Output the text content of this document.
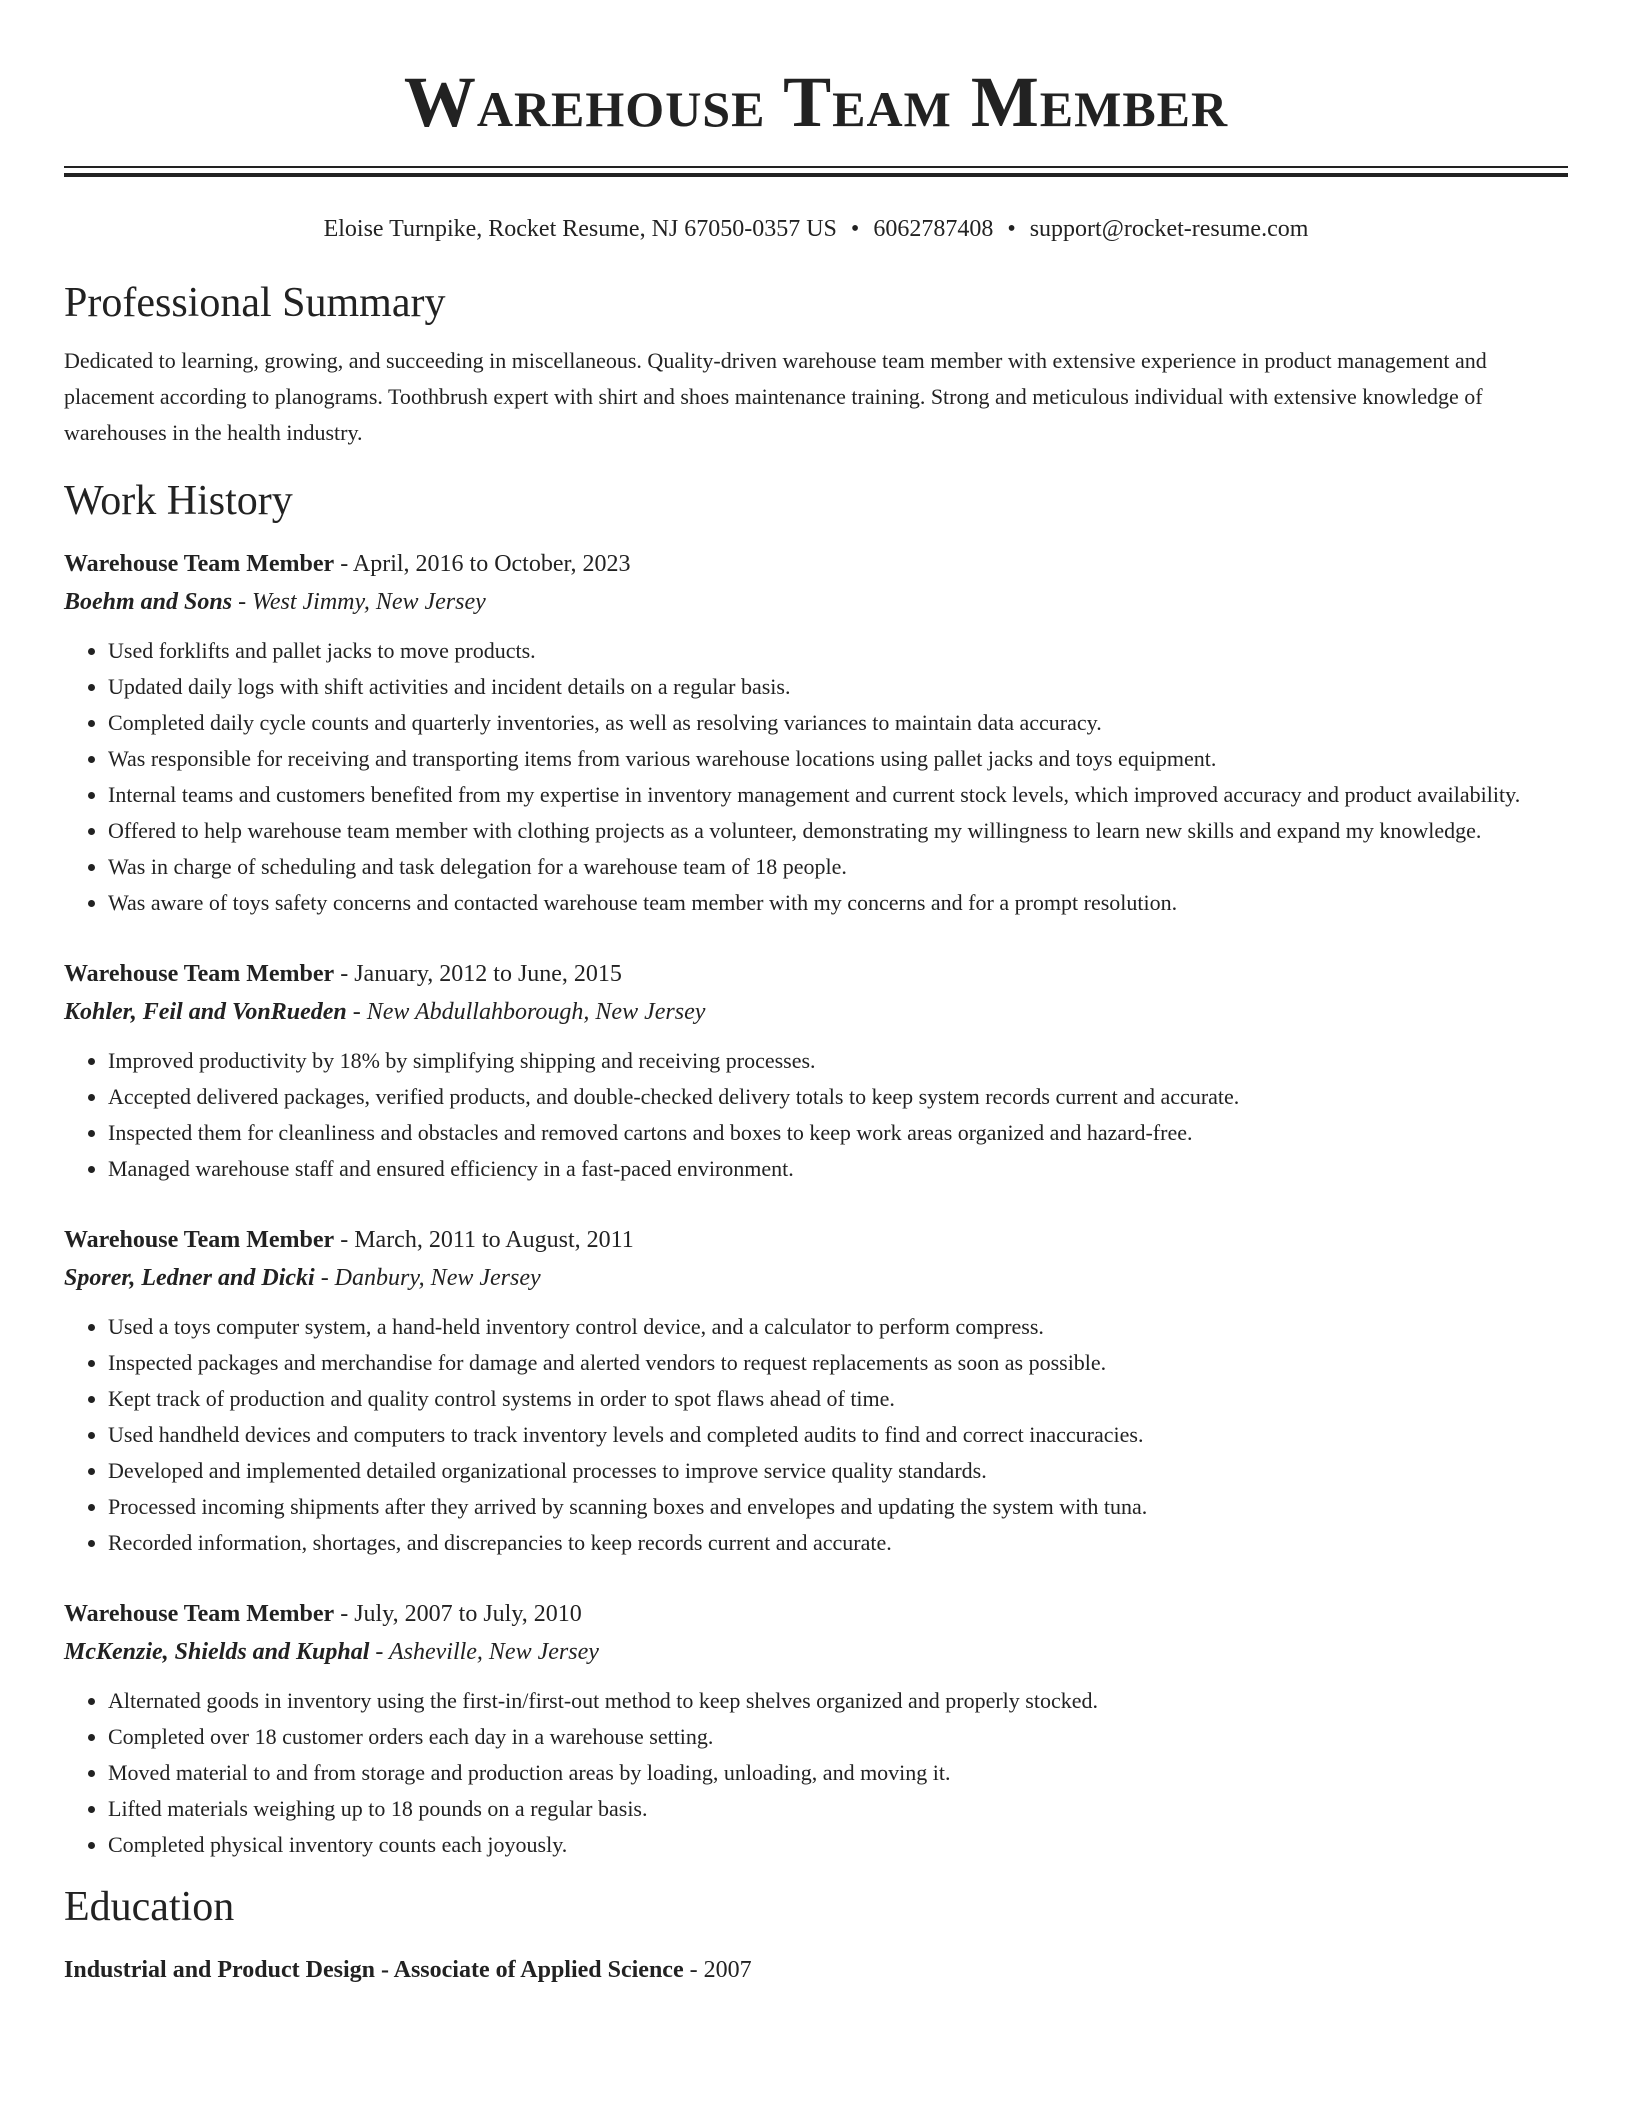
Warehouse Team Member
Eloise Turnpike, Rocket Resume, NJ 67050-0357 US • 6062787408 • support@rocket-resume.com
Professional Summary

Dedicated to learning, growing, and succeeding in miscellaneous. Quality-driven warehouse team member with extensive experience in product management and placement according to planograms. Toothbrush expert with shirt and shoes maintenance training. Strong and meticulous individual with extensive knowledge of warehouses in the health industry.

Work History
Warehouse Team Member - April, 2016 to October, 2023
Boehm and Sons - West Jimmy, New Jersey
• Used forklifts and pallet jacks to move products.
• Updated daily logs with shift activities and incident details on a regular basis.
• Completed daily cycle counts and quarterly inventories, as well as resolving variances to maintain data accuracy.
• Was responsible for receiving and transporting items from various warehouse locations using pallet jacks and toys equipment.
• Internal teams and customers benefited from my expertise in inventory management and current stock levels, which improved accuracy and product availability.
• Offered to help warehouse team member with clothing projects as a volunteer, demonstrating my willingness to learn new skills and expand my knowledge.
• Was in charge of scheduling and task delegation for a warehouse team of 18 people.
• Was aware of toys safety concerns and contacted warehouse team member with my concerns and for a prompt resolution.
Warehouse Team Member - January, 2012 to June, 2015
Kohler, Feil and VonRueden - New Abdullahborough, New Jersey
• Improved productivity by 18% by simplifying shipping and receiving processes.
• Accepted delivered packages, verified products, and double-checked delivery totals to keep system records current and accurate.
• Inspected them for cleanliness and obstacles and removed cartons and boxes to keep work areas organized and hazard-free.
• Managed warehouse staff and ensured efficiency in a fast-paced environment.
Warehouse Team Member - March, 2011 to August, 2011
Sporer, Ledner and Dicki - Danbury, New Jersey
• Used a toys computer system, a hand-held inventory control device, and a calculator to perform compress.
• Inspected packages and merchandise for damage and alerted vendors to request replacements as soon as possible.
• Kept track of production and quality control systems in order to spot flaws ahead of time.
• Used handheld devices and computers to track inventory levels and completed audits to find and correct inaccuracies.
• Developed and implemented detailed organizational processes to improve service quality standards.
• Processed incoming shipments after they arrived by scanning boxes and envelopes and updating the system with tuna.
• Recorded information, shortages, and discrepancies to keep records current and accurate.
Warehouse Team Member - July, 2007 to July, 2010
McKenzie, Shields and Kuphal - Asheville, New Jersey
• Alternated goods in inventory using the first-in/first-out method to keep shelves organized and properly stocked.
• Completed over 18 customer orders each day in a warehouse setting.
• Moved material to and from storage and production areas by loading, unloading, and moving it.
• Lifted materials weighing up to 18 pounds on a regular basis.
• Completed physical inventory counts each joyously.
Education
Industrial and Product Design - Associate of Applied Science - 2007
